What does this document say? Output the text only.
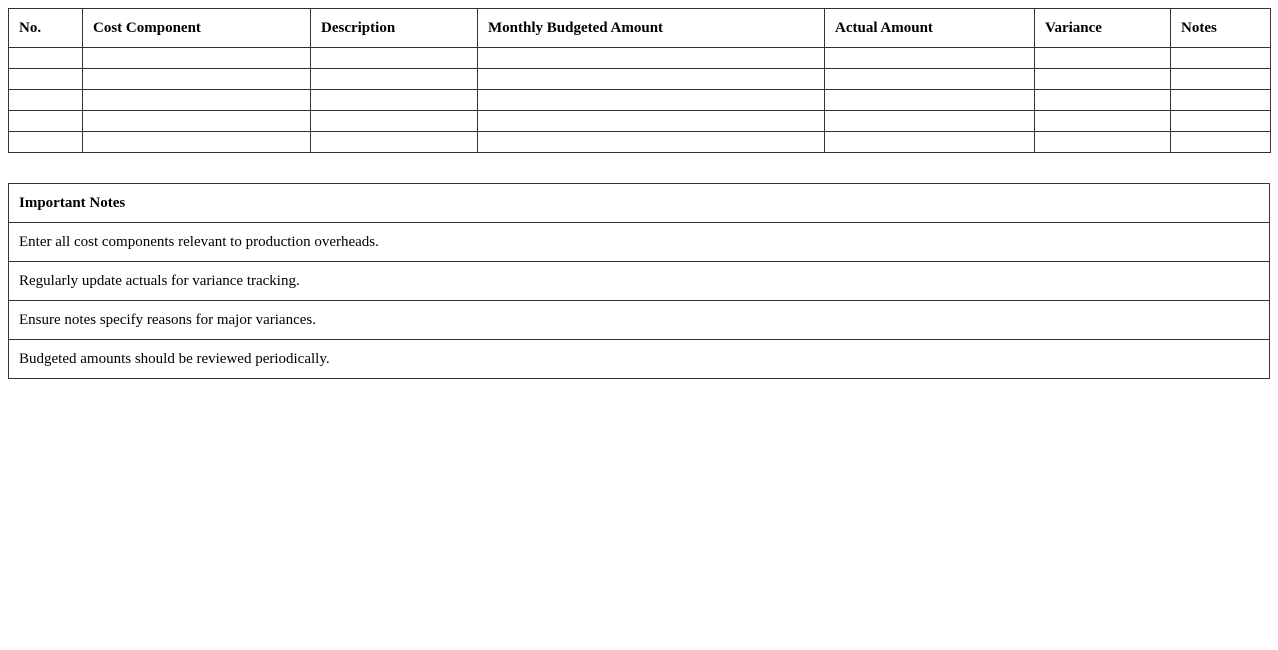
No.	Cost Component	Description	Monthly Budgeted Amount	Actual Amount	Variance	Notes

Important Notes
Enter all cost components relevant to production overheads.
Regularly update actuals for variance tracking.
Ensure notes specify reasons for major variances.
Budgeted amounts should be reviewed periodically.
